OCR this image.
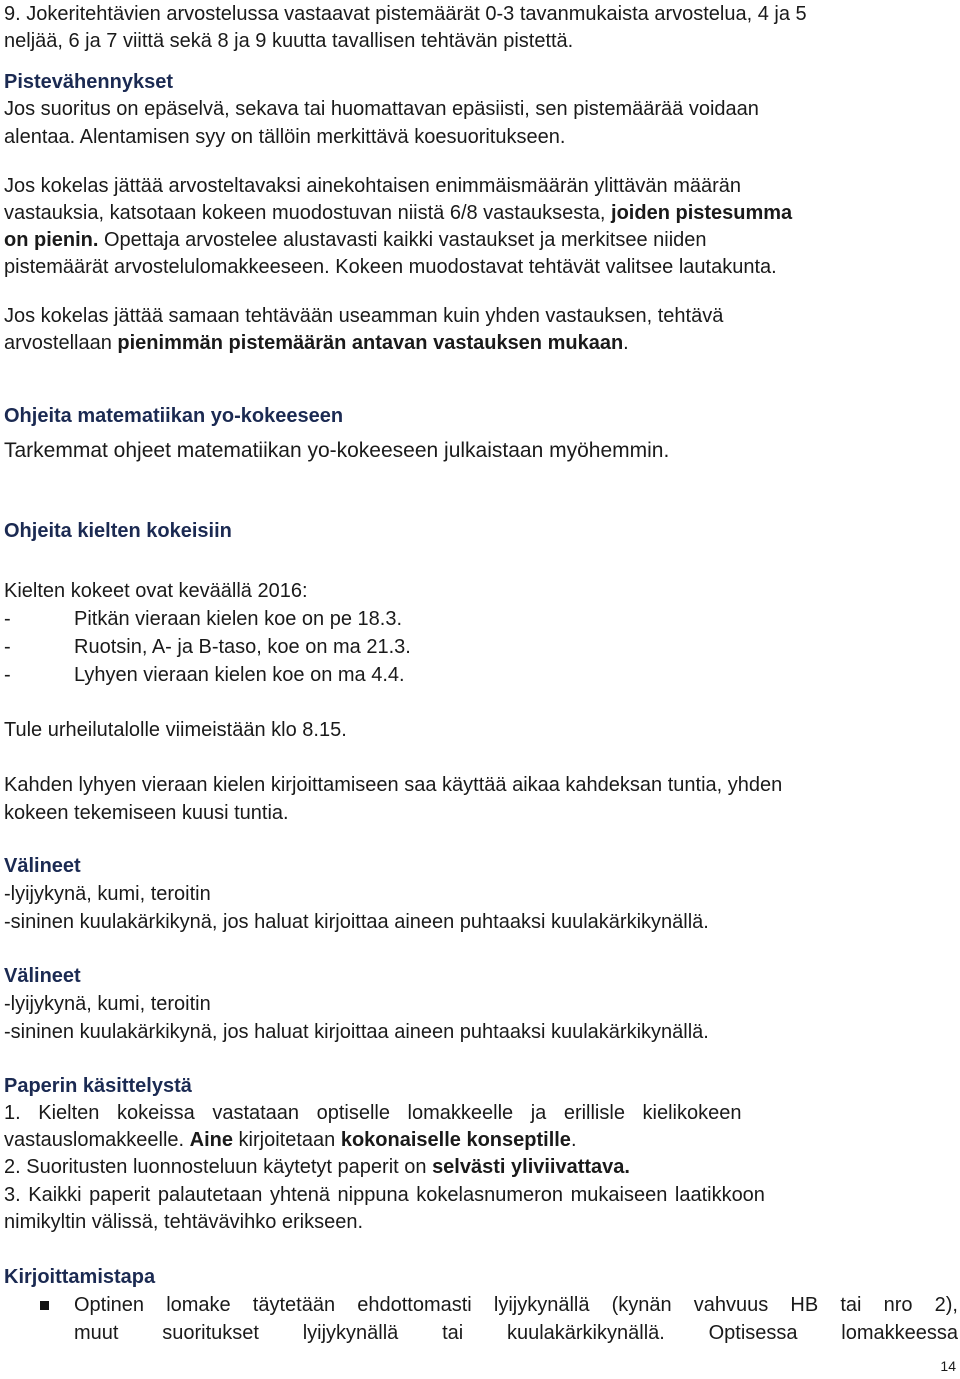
9. Jokeritehtävien arvostelussa vastaavat pistemäärät 0-3 tavanmukaista arvostelua, 4 ja 5
neljää, 6 ja 7 viittä sekä 8 ja 9 kuutta tavallisen tehtävän pistettä.
Pistevähennykset
Jos suoritus on epäselvä, sekava tai huomattavan epäsiisti, sen pistemäärää voidaan
alentaa. Alentamisen syy on tällöin merkittävä koesuoritukseen.
Jos kokelas jättää arvosteltavaksi ainekohtaisen enimmäismäärän ylittävän määrän
vastauksia, katsotaan kokeen muodostuvan niistä 6/8 vastauksesta, joiden pistesumma
on pienin. Opettaja arvostelee alustavasti kaikki vastaukset ja merkitsee niiden
pistemäärät arvostelulomakkeeseen. Kokeen muodostavat tehtävät valitsee lautakunta.
Jos kokelas jättää samaan tehtävään useamman kuin yhden vastauksen, tehtävä
arvostellaan pienimmän pistemäärän antavan vastauksen mukaan.
Ohjeita matematiikan yo-kokeeseen
Tarkemmat ohjeet matematiikan yo-kokeeseen julkaistaan myöhemmin.
Ohjeita kielten kokeisiin
Kielten kokeet ovat keväällä 2016:
-	Pitkän vieraan kielen koe on pe 18.3.
-	Ruotsin, A- ja B-taso, koe on ma 21.3.
-	Lyhyen vieraan kielen koe on ma 4.4.
Tule urheilutalolle viimeistään klo 8.15.
Kahden lyhyen vieraan kielen kirjoittamiseen saa käyttää aikaa kahdeksan tuntia, yhden
kokeen tekemiseen kuusi tuntia.
Välineet
-lyijykynä, kumi, teroitin
-sininen kuulakärkikynä, jos haluat kirjoittaa aineen puhtaaksi kuulakärkikynällä.
Välineet
-lyijykynä, kumi, teroitin
-sininen kuulakärkikynä, jos haluat kirjoittaa aineen puhtaaksi kuulakärkikynällä.
Paperin käsittelystä
1. Kielten kokeissa vastataan optiselle lomakkeelle ja erillisle kielikokeen
vastauslomakkeelle. Aine kirjoitetaan kokonaiselle konseptille.
2. Suoritusten luonnosteluun käytetyt paperit on selvästi yliviivattava.
3. Kaikki paperit palautetaan yhtenä nippuna kokelasnumeron mukaiseen laatikkoon
nimikyltin välissä, tehtävävihko erikseen.
Kirjoittamistapa
Optinen lomake täytetään ehdottomasti lyijykynällä (kynän vahvuus HB tai nro 2),
muut suoritukset lyijykynällä tai kuulakärkikynällä. Optisessa lomakkeessa
14
